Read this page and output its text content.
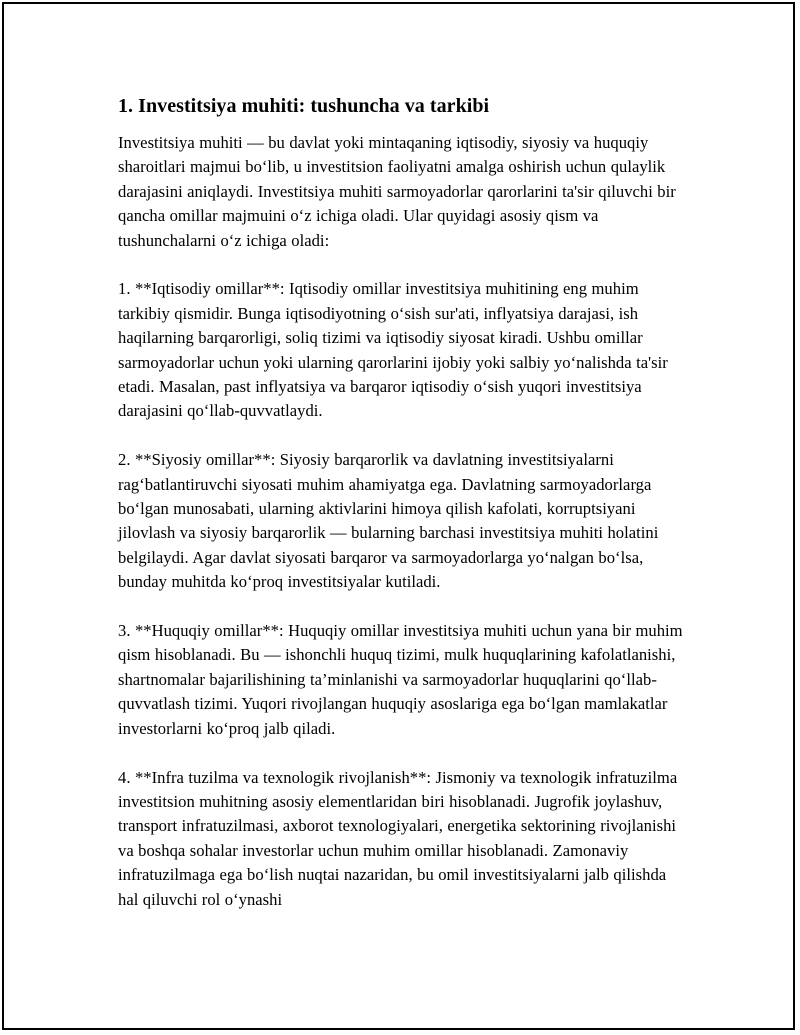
1. Investitsiya muhiti: tushuncha va tarkibi

Investitsiya muhiti — bu davlat yoki mintaqaning iqtisodiy, siyosiy va huquqiy sharoitlari majmui bo‘lib, u investitsion faoliyatni amalga oshirish uchun qulaylik darajasini aniqlaydi. Investitsiya muhiti sarmoyadorlar qarorlarini ta'sir qiluvchi bir qancha omillar majmuini o‘z ichiga oladi. Ular quyidagi asosiy qism va tushunchalarni o‘z ichiga oladi:

1. **Iqtisodiy omillar**: Iqtisodiy omillar investitsiya muhitining eng muhim tarkibiy qismidir. Bunga iqtisodiyotning o‘sish sur'ati, inflyatsiya darajasi, ish haqilarning barqarorligi, soliq tizimi va iqtisodiy siyosat kiradi. Ushbu omillar sarmoyadorlar uchun yoki ularning qarorlarini ijobiy yoki salbiy yo‘nalishda ta'sir etadi. Masalan, past inflyatsiya va barqaror iqtisodiy o‘sish yuqori investitsiya darajasini qo‘llab-quvvatlaydi.

2. **Siyosiy omillar**: Siyosiy barqarorlik va davlatning investitsiyalarni rag‘batlantiruvchi siyosati muhim ahamiyatga ega. Davlatning sarmoyadorlarga bo‘lgan munosabati, ularning aktivlarini himoya qilish kafolati, korruptsiyani jilovlash va siyosiy barqarorlik — bularning barchasi investitsiya muhiti holatini belgilaydi. Agar davlat siyosati barqaror va sarmoyadorlarga yo‘nalgan bo‘lsa, bunday muhitda ko‘proq investitsiyalar kutiladi.

3. **Huquqiy omillar**: Huquqiy omillar investitsiya muhiti uchun yana bir muhim qism hisoblanadi. Bu — ishonchli huquq tizimi, mulk huquqlarining kafolatlanishi, shartnomalar bajarilishining ta’minlanishi va sarmoyadorlar huquqlarini qo‘llab-quvvatlash tizimi. Yuqori rivojlangan huquqiy asoslariga ega bo‘lgan mamlakatlar investorlarni ko‘proq jalb qiladi.

4. **Infra tuzilma va texnologik rivojlanish**: Jismoniy va texnologik infratuzilma investitsion muhitning asosiy elementlaridan biri hisoblanadi. Jugrofik joylashuv, transport infratuzilmasi, axborot texnologiyalari, energetika sektorining rivojlanishi va boshqa sohalar investorlar uchun muhim omillar hisoblanadi. Zamonaviy infratuzilmaga ega bo‘lish nuqtai nazaridan, bu omil investitsiyalarni jalb qilishda hal qiluvchi rol o‘ynashi
